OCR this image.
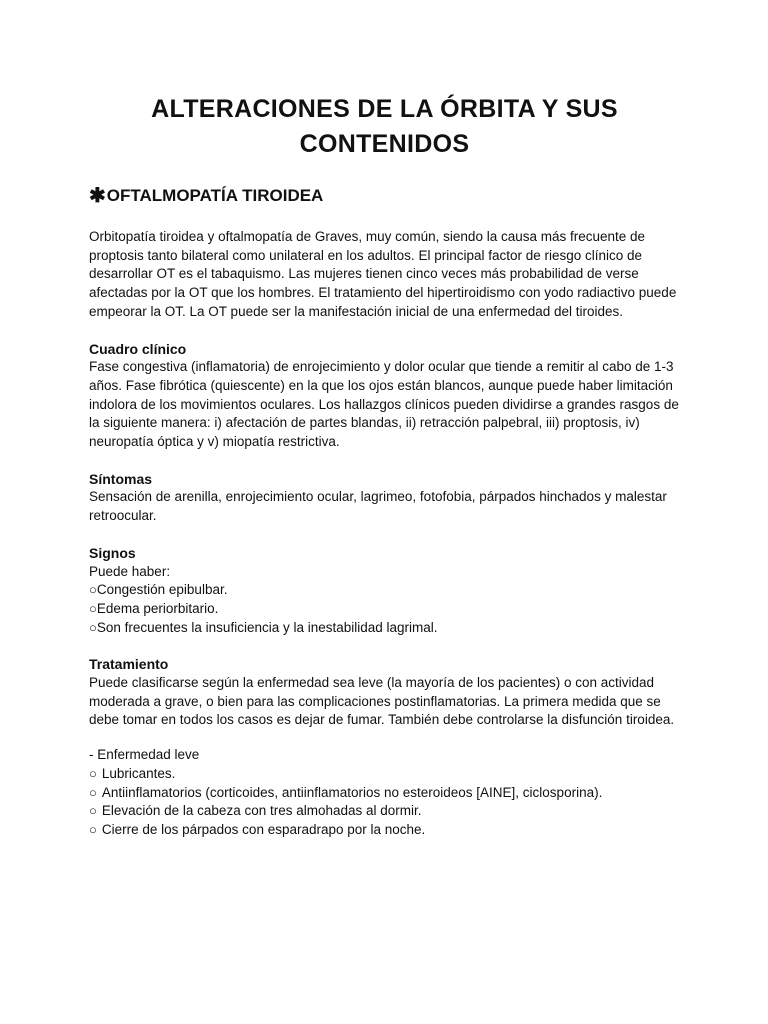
ALTERACIONES DE LA ÓRBITA Y SUS CONTENIDOS
✱ OFTALMOPATÍA TIROIDEA

Orbitopatía tiroidea y oftalmopatía de Graves, muy común, siendo la causa más frecuente de proptosis tanto bilateral como unilateral en los adultos. El principal factor de riesgo clínico de desarrollar OT es el tabaquismo. Las mujeres tienen cinco veces más probabilidad de verse afectadas por la OT que los hombres. El tratamiento del hipertiroidismo con yodo radiactivo puede empeorar la OT. La OT puede ser la manifestación inicial de una enfermedad del tiroides.

Cuadro clínico

Fase congestiva (inflamatoria) de enrojecimiento y dolor ocular que tiende a remitir al cabo de 1-3 años. Fase fibrótica (quiescente) en la que los ojos están blancos, aunque puede haber limitación indolora de los movimientos oculares. Los hallazgos clínicos pueden dividirse a grandes rasgos de la siguiente manera: i) afectación de partes blandas, ii) retracción palpebral, iii) proptosis, iv) neuropatía óptica y v) miopatía restrictiva.

Síntomas

Sensación de arenilla, enrojecimiento ocular, lagrimeo, fotofobia, párpados hinchados y malestar retroocular.

Signos

Puede haber:

○Congestión epibulbar.

○Edema periorbitario.

○Son frecuentes la insuficiencia y la inestabilidad lagrimal.

Tratamiento

Puede clasificarse según la enfermedad sea leve (la mayoría de los pacientes) o con actividad moderada a grave, o bien para las complicaciones postinflamatorias. La primera medida que se debe tomar en todos los casos es dejar de fumar. También debe controlarse la disfunción tiroidea.

- Enfermedad leve

○ Lubricantes.

○ Antiinflamatorios (corticoides, antiinflamatorios no esteroideos [AINE], ciclosporina).

○ Elevación de la cabeza con tres almohadas al dormir.

○ Cierre de los párpados con esparadrapo por la noche.
